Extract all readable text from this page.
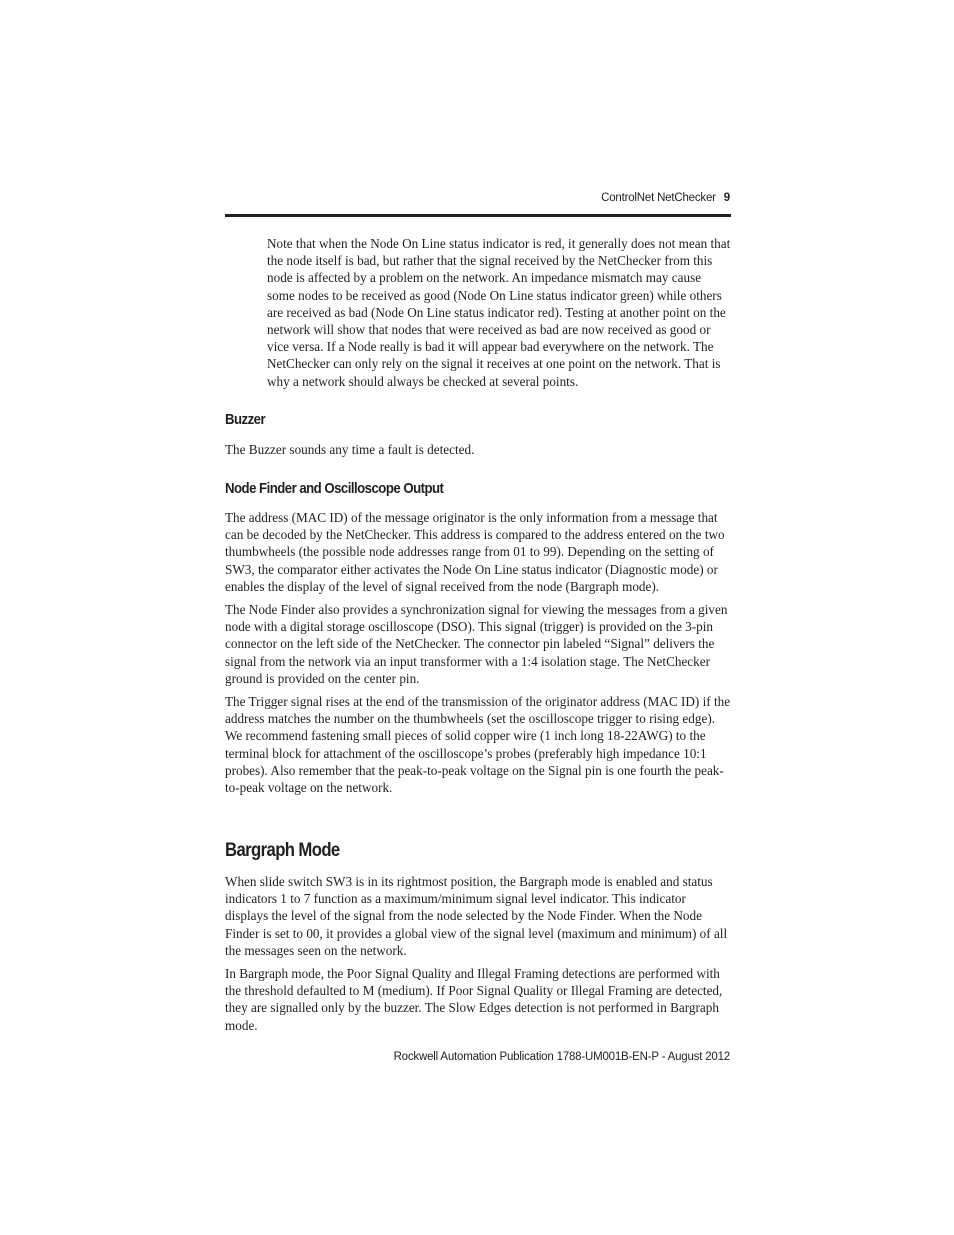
ControlNet NetChecker 9

Note that when the Node On Line status indicator is red, it generally does not mean that the node itself is bad, but rather that the signal received by the NetChecker from this node is affected by a problem on the network. An impedance mismatch may cause some nodes to be received as good (Node On Line status indicator green) while others are received as bad (Node On Line status indicator red). Testing at another point on the network will show that nodes that were received as bad are now received as good or vice versa. If a Node really is bad it will appear bad everywhere on the network. The NetChecker can only rely on the signal it receives at one point on the network. That is why a network should always be checked at several points.

Buzzer

The Buzzer sounds any time a fault is detected.

Node Finder and Oscilloscope Output

The address (MAC ID) of the message originator is the only information from a message that can be decoded by the NetChecker. This address is compared to the address entered on the two thumbwheels (the possible node addresses range from 01 to 99). Depending on the setting of SW3, the comparator either activates the Node On Line status indicator (Diagnostic mode) or enables the display of the level of signal received from the node (Bargraph mode).

The Node Finder also provides a synchronization signal for viewing the messages from a given node with a digital storage oscilloscope (DSO). This signal (trigger) is provided on the 3-pin connector on the left side of the NetChecker. The connector pin labeled “Signal” delivers the signal from the network via an input transformer with a 1:4 isolation stage. The NetChecker ground is provided on the center pin.

The Trigger signal rises at the end of the transmission of the originator address (MAC ID) if the address matches the number on the thumbwheels (set the oscilloscope trigger to rising edge). We recommend fastening small pieces of solid copper wire (1 inch long 18-22AWG) to the terminal block for attachment of the oscilloscope’s probes (preferably high impedance 10:1 probes). Also remember that the peak-to-peak voltage on the Signal pin is one fourth the peak-to-peak voltage on the network.

Bargraph Mode

When slide switch SW3 is in its rightmost position, the Bargraph mode is enabled and status indicators 1 to 7 function as a maximum/minimum signal level indicator. This indicator displays the level of the signal from the node selected by the Node Finder. When the Node Finder is set to 00, it provides a global view of the signal level (maximum and minimum) of all the messages seen on the network.

In Bargraph mode, the Poor Signal Quality and Illegal Framing detections are performed with the threshold defaulted to M (medium). If Poor Signal Quality or Illegal Framing are detected, they are signalled only by the buzzer. The Slow Edges detection is not performed in Bargraph mode.

Rockwell Automation Publication 1788-UM001B-EN-P - August 2012
